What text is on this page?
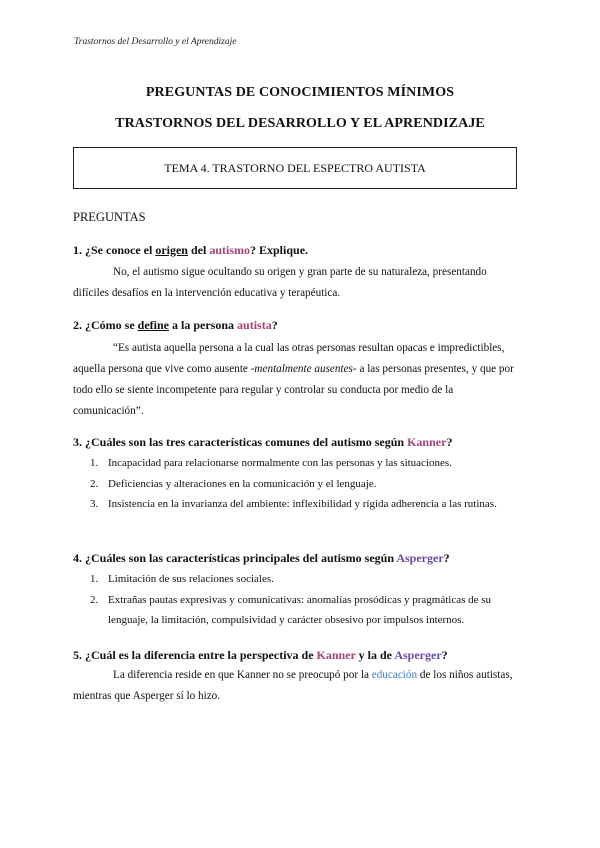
Trastornos del Desarrollo y el Aprendizaje
PREGUNTAS DE CONOCIMIENTOS MÍNIMOS
TRASTORNOS DEL DESARROLLO Y EL APRENDIZAJE
TEMA 4. TRASTORNO DEL ESPECTRO AUTISTA
PREGUNTAS
1. ¿Se conoce el origen del autismo? Explique.
No, el autismo sigue ocultando su origen y gran parte de su naturaleza, presentando difíciles desafíos en la intervención educativa y terapéutica.
2. ¿Cómo se define a la persona autista?
“Es autista aquella persona a la cual las otras personas resultan opacas e impredictibles, aquella persona que vive como ausente -mentalmente ausentes- a las personas presentes, y que por todo ello se siente incompetente para regular y controlar su conducta por medio de la comunicación”.
3. ¿Cuáles son las tres características comunes del autismo según Kanner?
1. Incapacidad para relacionarse normalmente con las personas y las situaciones.
2. Deficiencias y alteraciones en la comunicación y el lenguaje.
3. Insistencia en la invarianza del ambiente: inflexibilidad y rígida adherencia a las rutinas.
4. ¿Cuáles son las características principales del autismo según Asperger?
1. Limitación de sus relaciones sociales.
2. Extrañas pautas expresivas y comunicativas: anomalías prosódicas y pragmáticas de su lenguaje, la limitación, compulsividad y carácter obsesivo por impulsos internos.
5. ¿Cuál es la diferencia entre la perspectiva de Kanner y la de Asperger?
La diferencia reside en que Kanner no se preocupó por la educación de los niños autistas, mientras que Asperger sí lo hizo.
